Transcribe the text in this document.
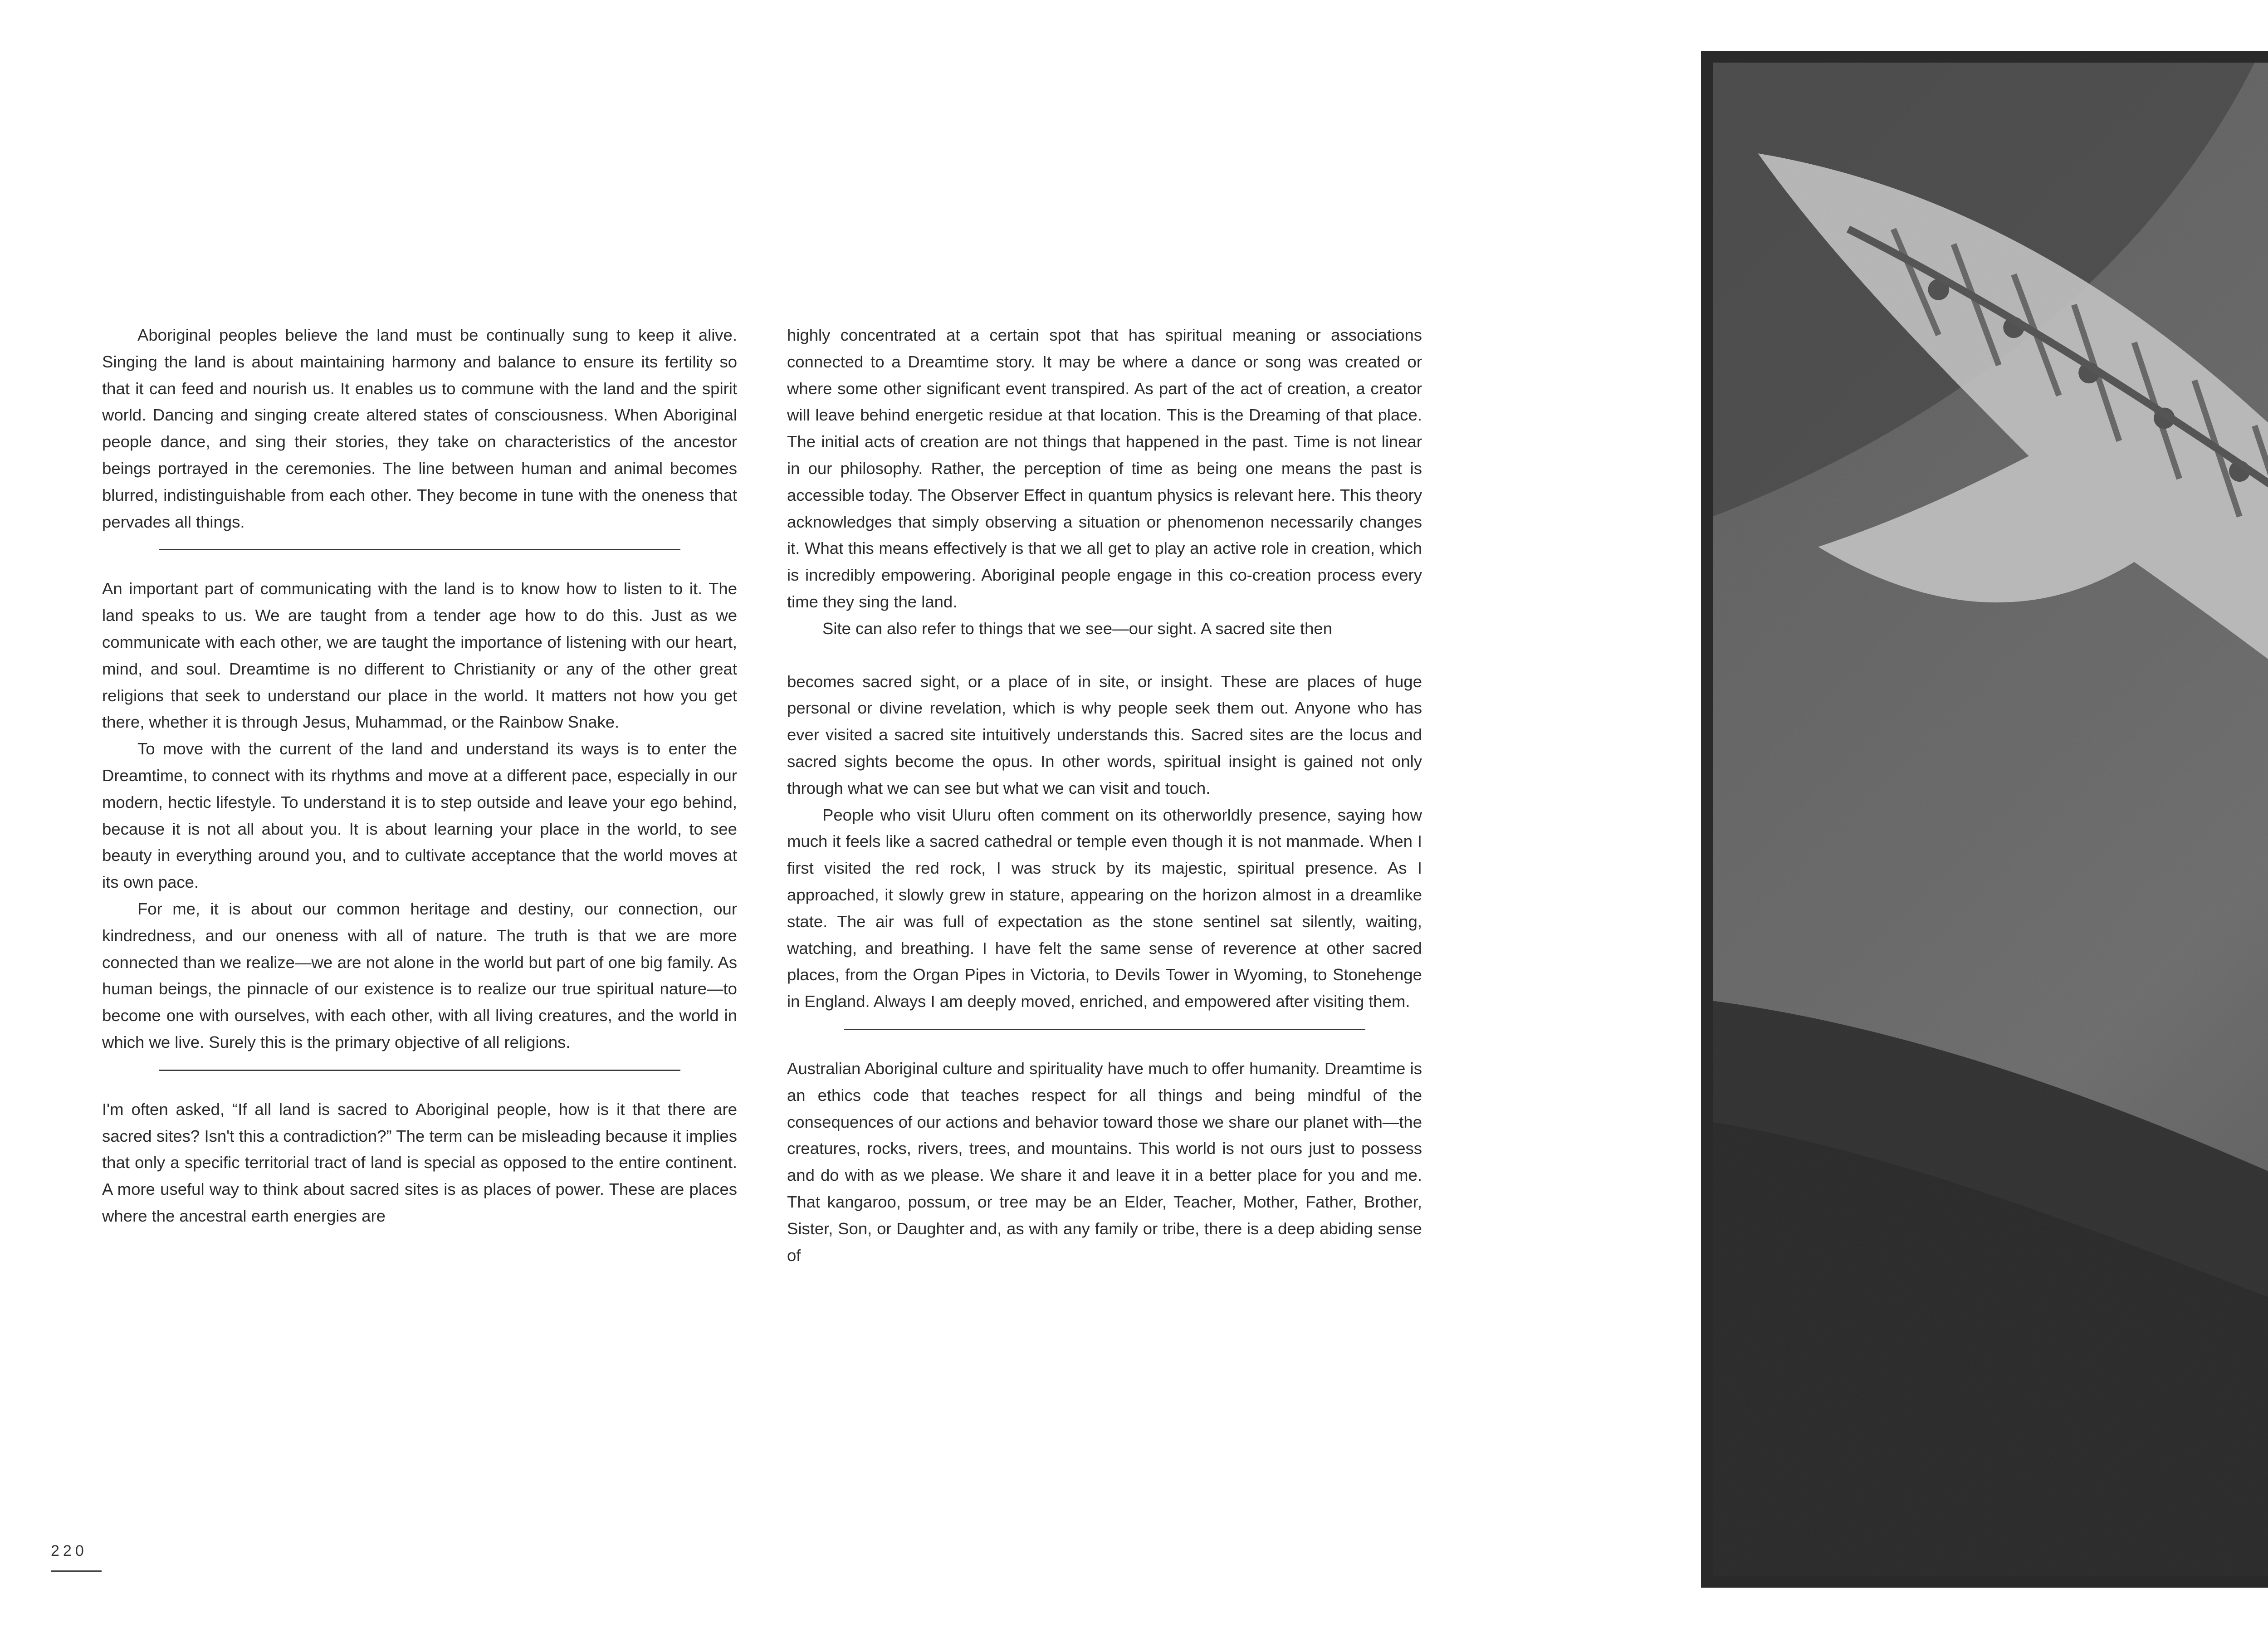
Aboriginal peoples believe the land must be continually sung to keep it alive. Singing the land is about maintaining harmony and balance to ensure its fertility so that it can feed and nourish us. It enables us to commune with the land and the spirit world. Dancing and singing create altered states of consciousness. When Aboriginal people dance, and sing their stories, they take on characteristics of the ancestor beings portrayed in the ceremonies. The line between human and animal becomes blurred, indistinguishable from each other. They become in tune with the oneness that pervades all things.

An important part of communicating with the land is to know how to listen to it. The land speaks to us. We are taught from a tender age how to do this. Just as we communicate with each other, we are taught the importance of listening with our heart, mind, and soul. Dreamtime is no different to Christianity or any of the other great religions that seek to understand our place in the world. It matters not how you get there, whether it is through Jesus, Muhammad, or the Rainbow Snake.

To move with the current of the land and understand its ways is to enter the Dreamtime, to connect with its rhythms and move at a different pace, especially in our modern, hectic lifestyle. To understand it is to step outside and leave your ego behind, because it is not all about you. It is about learning your place in the world, to see beauty in everything around you, and to cultivate acceptance that the world moves at its own pace.

For me, it is about our common heritage and destiny, our connection, our kindredness, and our oneness with all of nature. The truth is that we are more connected than we realize—we are not alone in the world but part of one big family. As human beings, the pinnacle of our existence is to realize our true spiritual nature—to become one with ourselves, with each other, with all living creatures, and the world in which we live. Surely this is the primary objective of all religions.

I'm often asked, “If all land is sacred to Aboriginal people, how is it that there are sacred sites? Isn't this a contradiction?” The term can be misleading because it implies that only a specific territorial tract of land is special as opposed to the entire continent. A more useful way to think about sacred sites is as places of power. These are places where the ancestral earth energies are

highly concentrated at a certain spot that has spiritual meaning or associations connected to a Dreamtime story. It may be where a dance or song was created or where some other significant event transpired. As part of the act of creation, a creator will leave behind energetic residue at that location. This is the Dreaming of that place. The initial acts of creation are not things that happened in the past. Time is not linear in our philosophy. Rather, the perception of time as being one means the past is accessible today. The Observer Effect in quantum physics is relevant here. This theory acknowledges that simply observing a situation or phenomenon necessarily changes it. What this means effectively is that we all get to play an active role in creation, which is incredibly empowering. Aboriginal people engage in this co-creation process every time they sing the land.

Site can also refer to things that we see—our sight. A sacred site then

becomes sacred sight, or a place of in site, or insight. These are places of huge personal or divine revelation, which is why people seek them out. Anyone who has ever visited a sacred site intuitively understands this. Sacred sites are the locus and sacred sights become the opus. In other words, spiritual insight is gained not only through what we can see but what we can visit and touch.

People who visit Uluru often comment on its otherworldly presence, saying how much it feels like a sacred cathedral or temple even though it is not manmade. When I first visited the red rock, I was struck by its majestic, spiritual presence. As I approached, it slowly grew in stature, appearing on the horizon almost in a dreamlike state. The air was full of expectation as the stone sentinel sat silently, waiting, watching, and breathing. I have felt the same sense of reverence at other sacred places, from the Organ Pipes in Victoria, to Devils Tower in Wyoming, to Stonehenge in England. Always I am deeply moved, enriched, and empowered after visiting them.

Australian Aboriginal culture and spirituality have much to offer humanity. Dreamtime is an ethics code that teaches respect for all things and being mindful of the consequences of our actions and behavior toward those we share our planet with—the creatures, rocks, rivers, trees, and mountains. This world is not ours just to possess and do with as we please. We share it and leave it in a better place for you and me. That kangaroo, possum, or tree may be an Elder, Teacher, Mother, Father, Brother, Sister, Son, or Daughter and, as with any family or tribe, there is a deep abiding sense of

220
